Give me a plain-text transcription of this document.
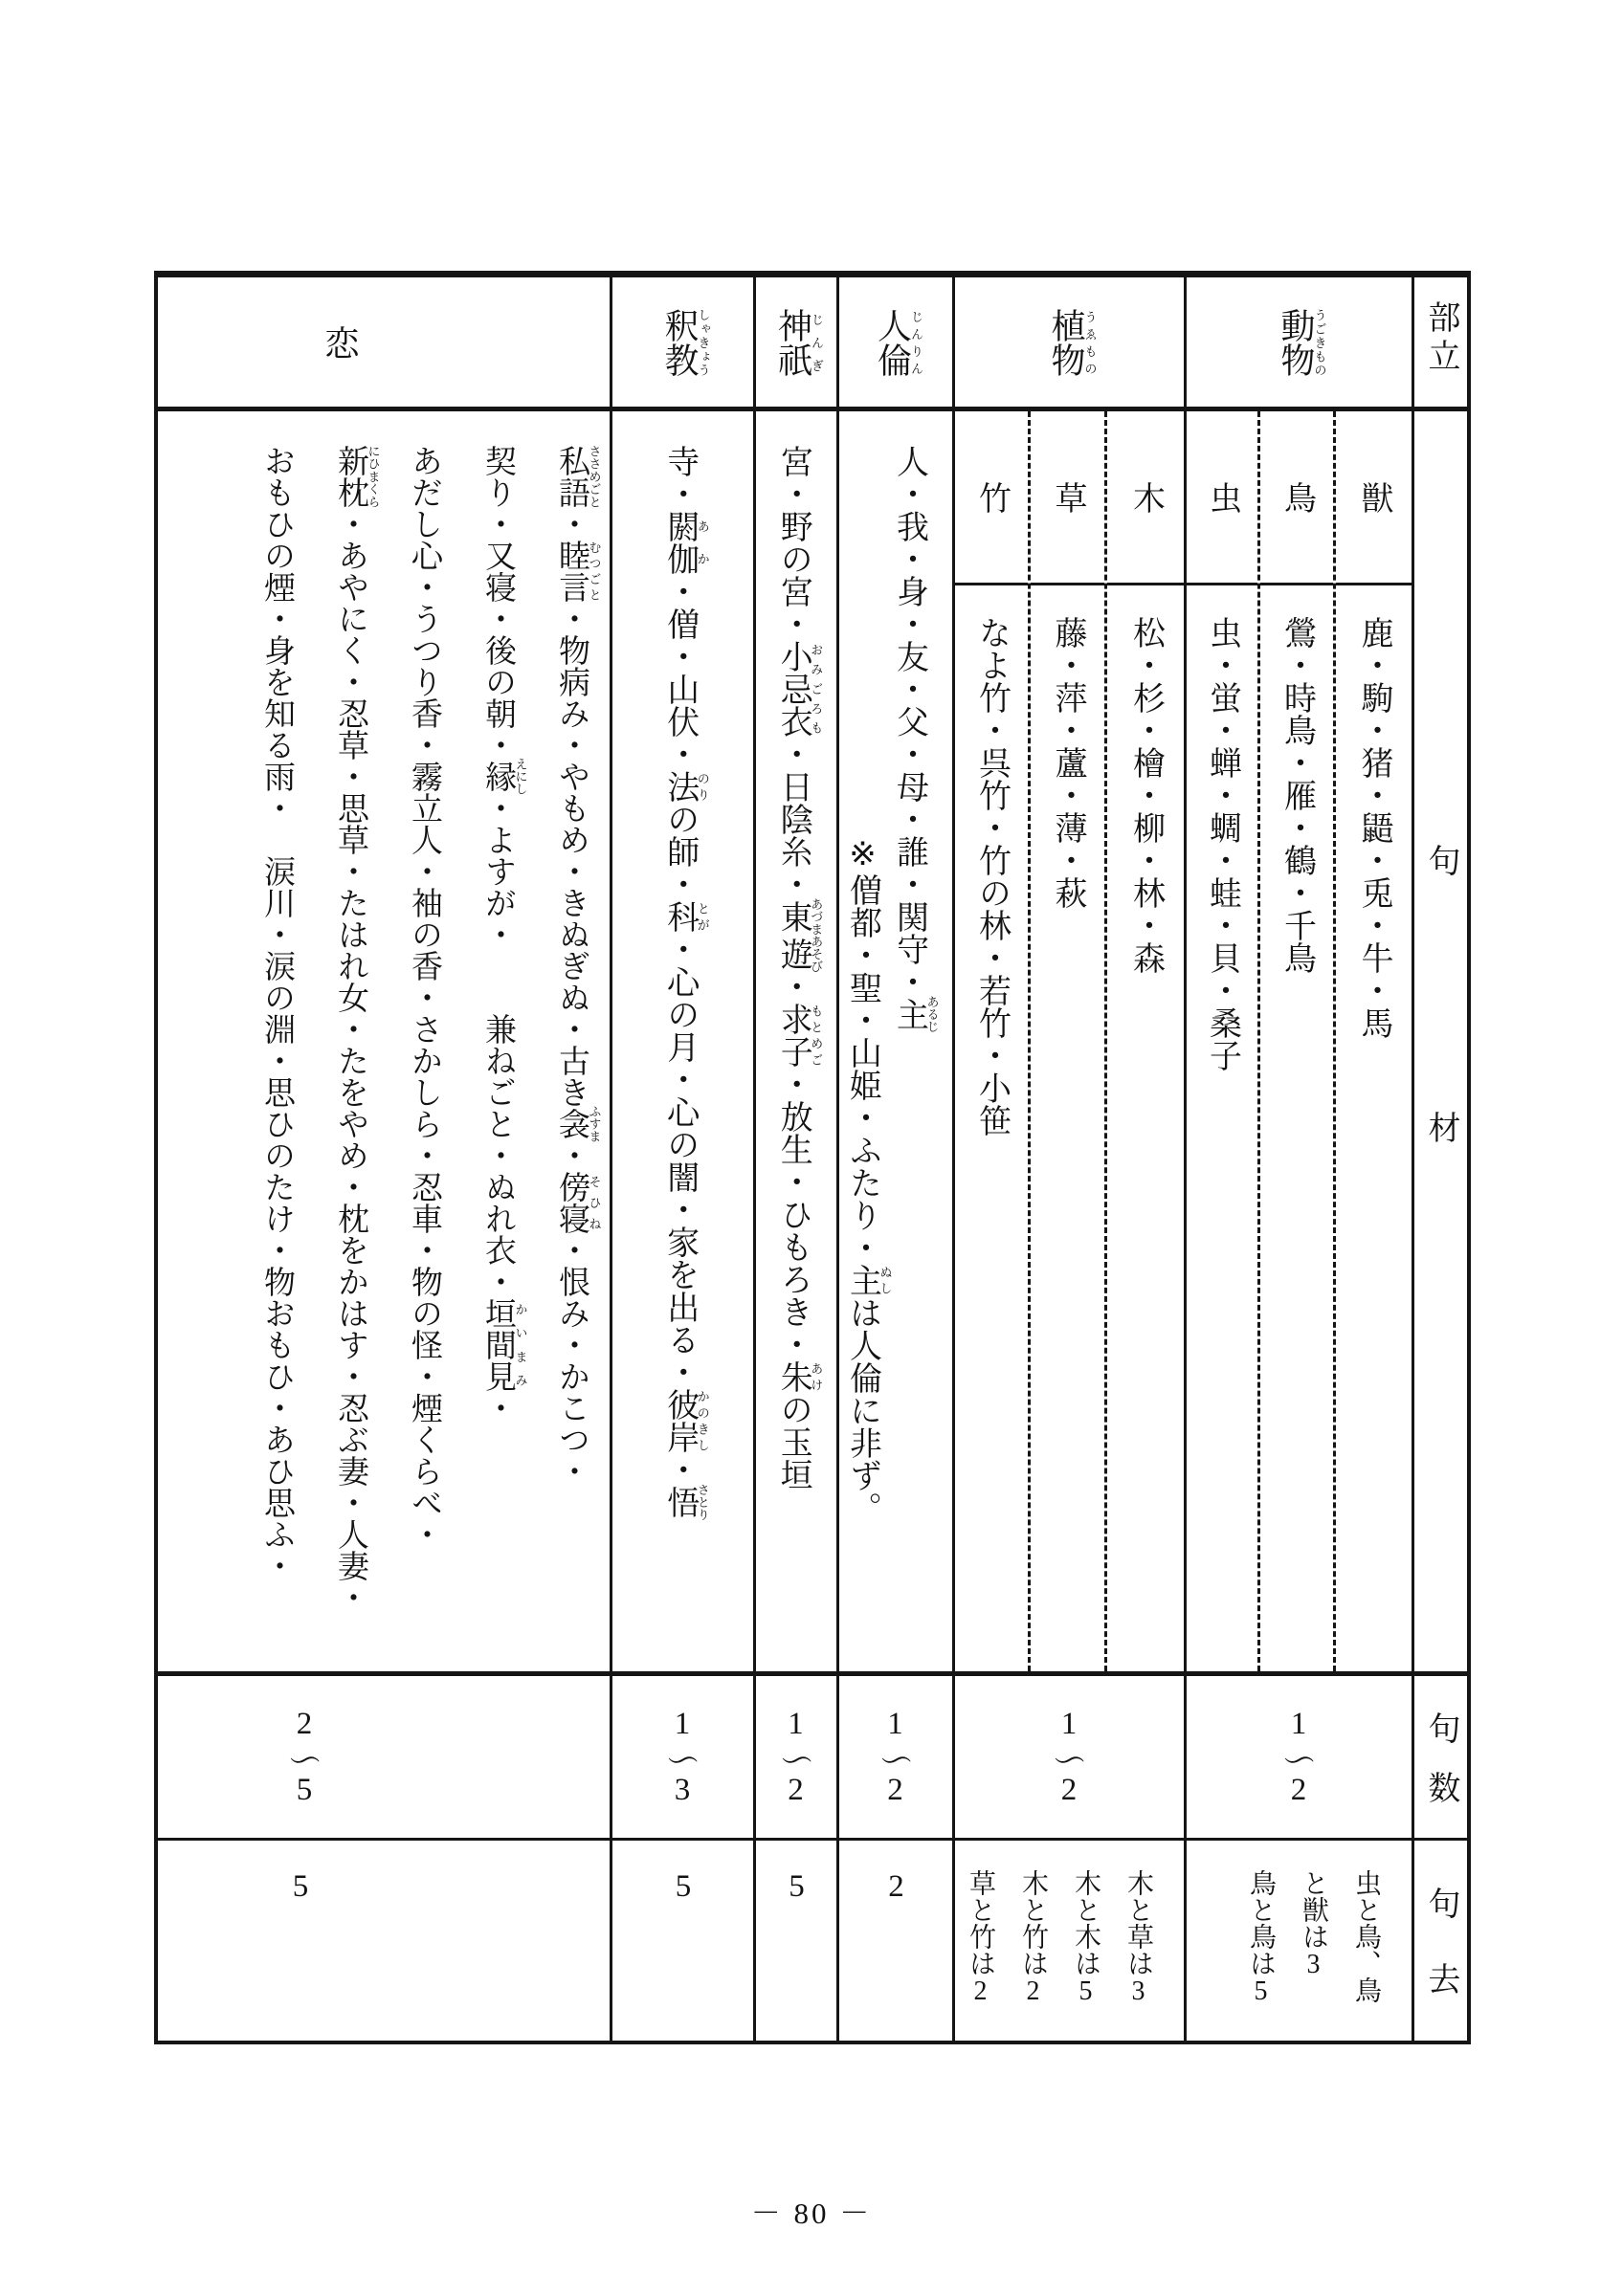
恋
私語ささめごと・睦言むつごと・物病み・やもめ・きぬぎぬ・古き衾ふすま・傍寝そひね・恨み・かこつ・
契り・又寝・後の朝・縁えにし・よすが・　　兼ねごと・ぬれ衣・垣間見かいまみ・
あだし心・うつり香・霧立人・袖の香・さかしら・忍車・物の怪・煙くらべ・
新枕にひまくら・あやにく・忍草・思草・たはれ女・たをやめ・枕をかはす・忍ぶ妻・人妻・
おもひの煙・身を知る雨・　涙川・涙の淵・思ひのたけ・物おもひ・あひ思ふ・
2～5
5
釈教しゃきょう
寺・閼伽あか・僧・山伏・法のりの師・科とが・心の月・心の闇・家を出る・彼岸かのきし・悟さとり
1～3
5
神祇じんぎ
宮・野の宮・小忌衣おみごろも・日陰糸・東遊あづまあそび・求子もとめご・放生・ひもろき・朱あけの玉垣
1～2
5
人倫じんりん
人・我・身・友・父・母・誰・関守・主あるじ
　　　　　　　　　　　　※僧都・聖・山姫・ふたり・主ぬしは人倫に非ず。
1～2
2
植物うゑもの
竹
なよ竹・呉竹・竹の林・若竹・小笹
草
藤・萍・蘆・薄・萩
木
松・杉・檜・柳・林・森
1～2
木と草は3
木と木は5
木と竹は2
草と竹は2
動物うごきもの
虫
虫・蛍・蝉・蜩・蛙・貝・桑子
鳥
鶯・時鳥・雁・鶴・千鳥
獣
鹿・駒・猪・鼯・兎・牛・馬
1～2
虫と鳥、鳥
と獣は3
鳥と鳥は5
部
立
句
材
句
数
句
去
－ 80 －
